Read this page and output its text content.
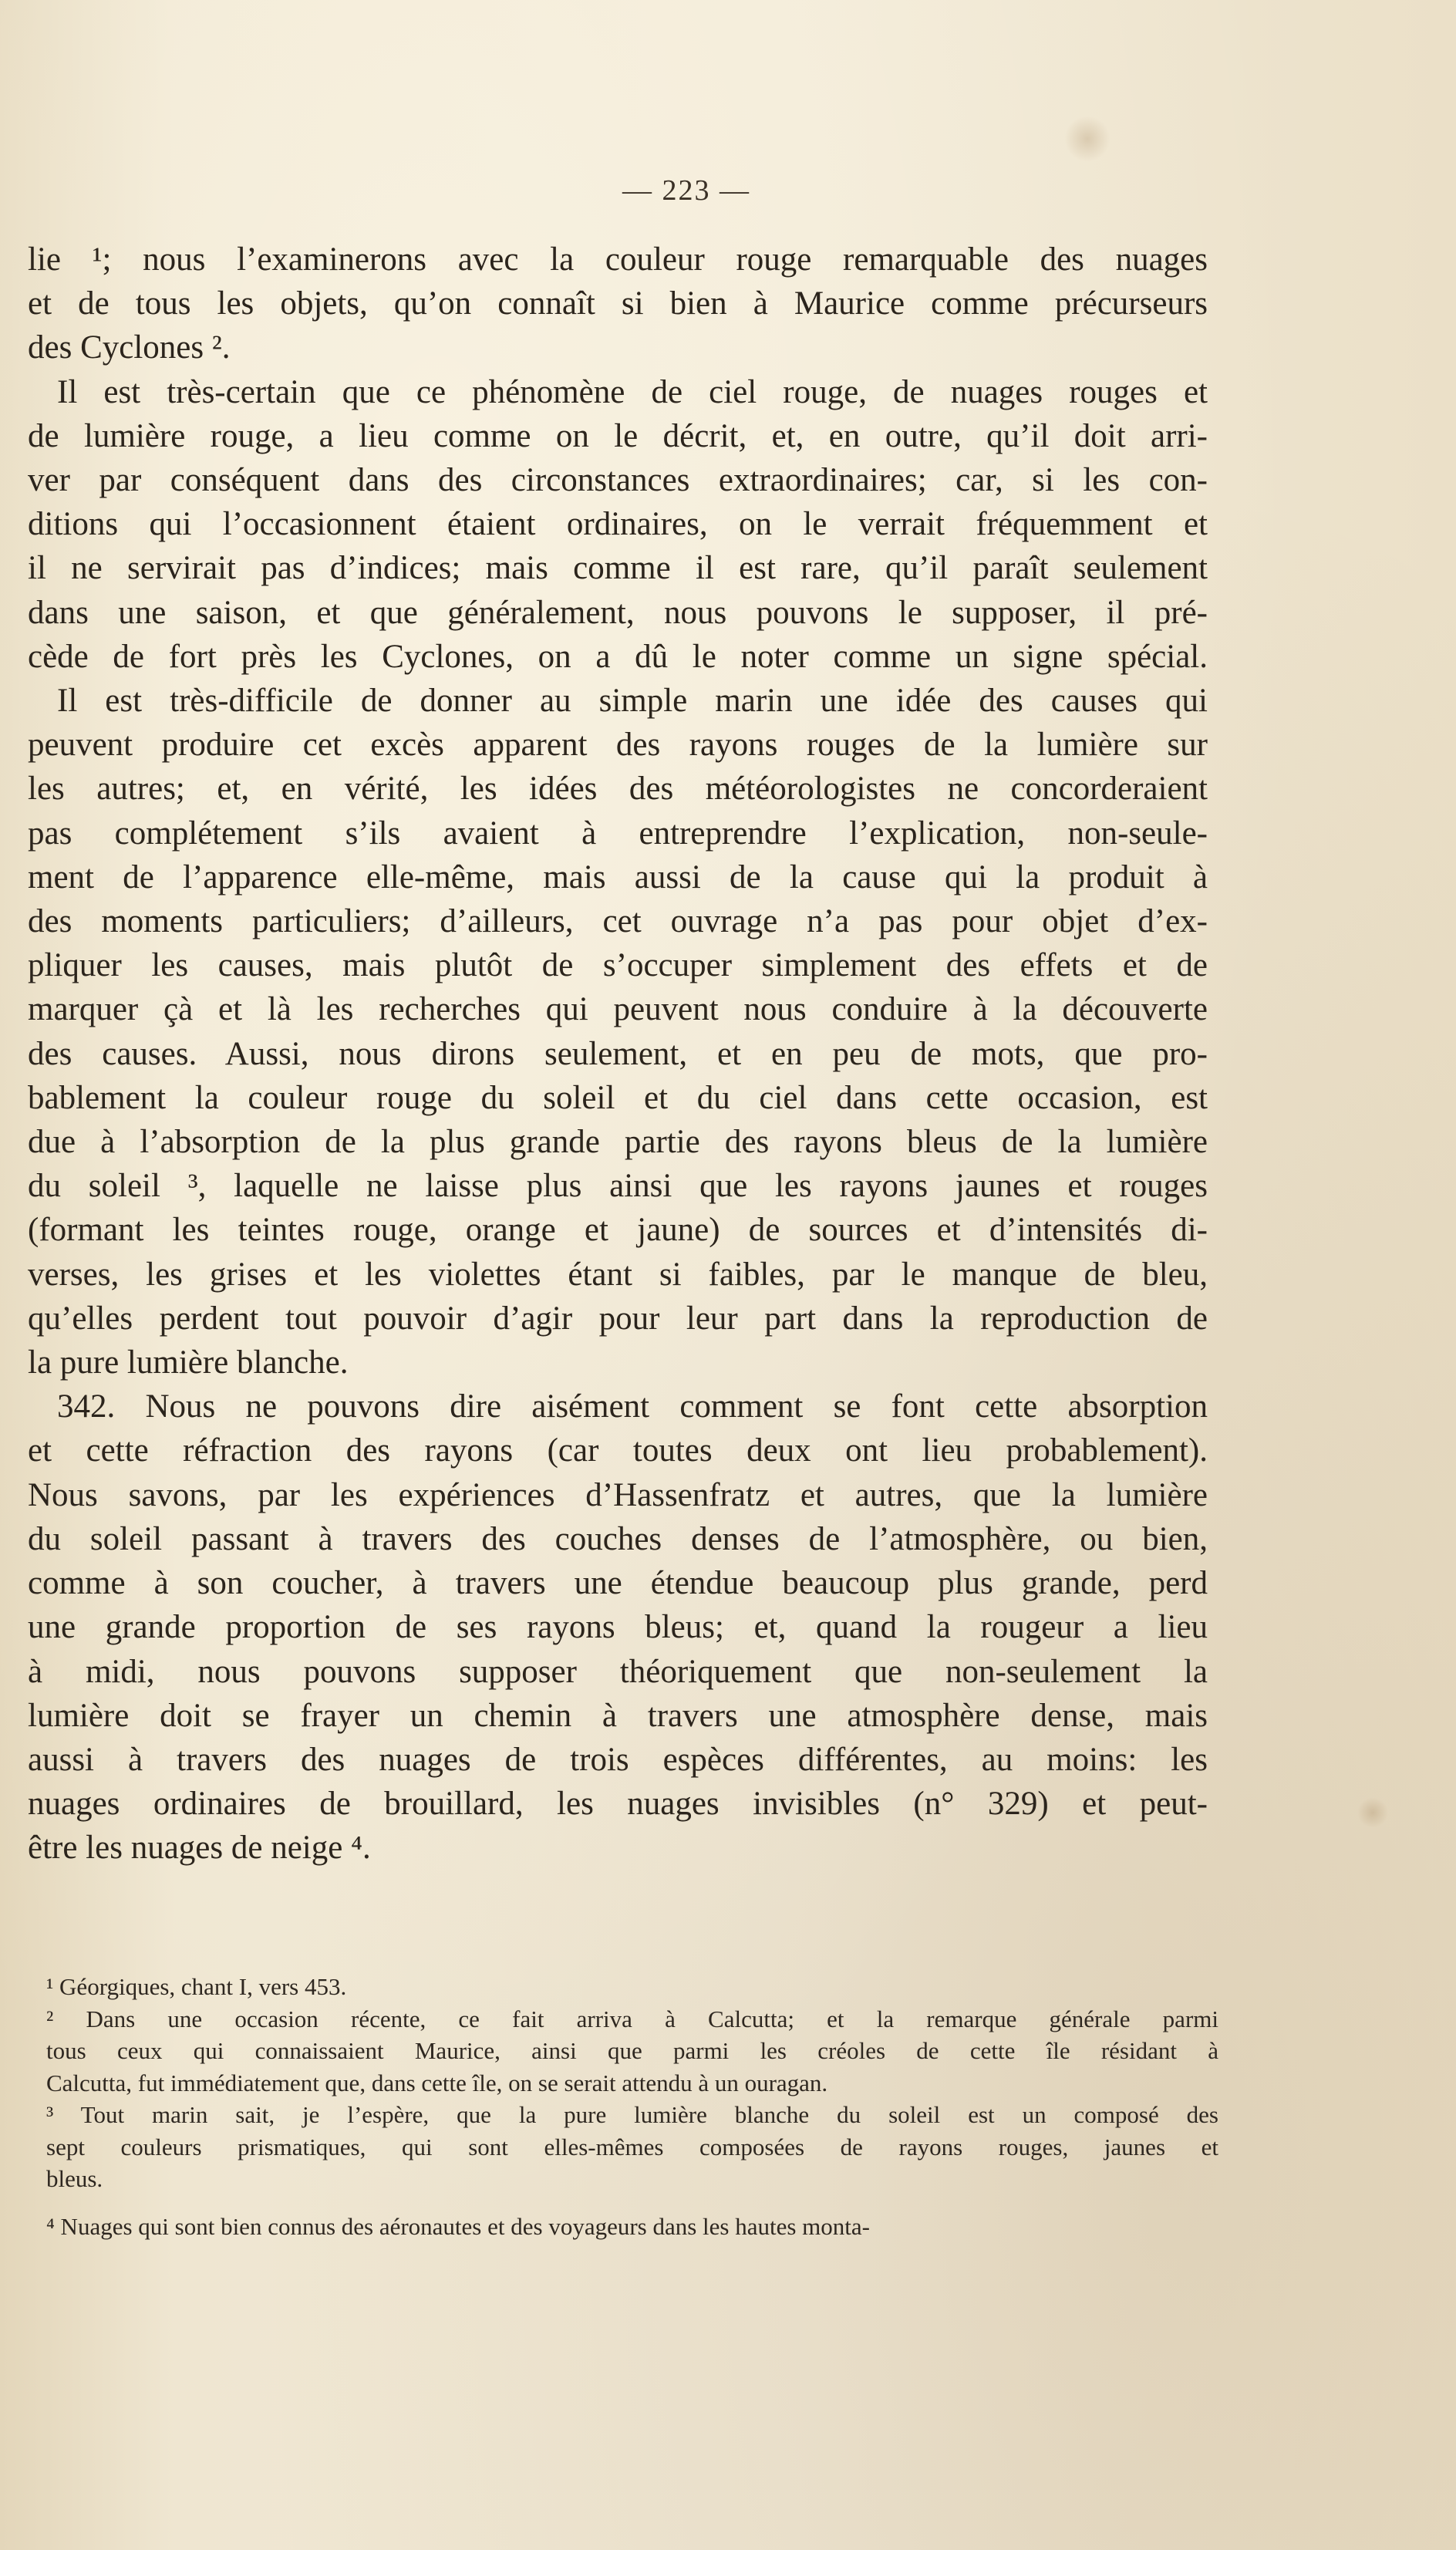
— 223 —
lie ¹; nous l’examinerons avec la couleur rouge remarquable des nuages
et de tous les objets, qu’on connaît si bien à Maurice comme précurseurs
des Cyclones ².
Il est très-certain que ce phénomène de ciel rouge, de nuages rouges et
de lumière rouge, a lieu comme on le décrit, et, en outre, qu’il doit arri-
ver par conséquent dans des circonstances extraordinaires; car, si les con-
ditions qui l’occasionnent étaient ordinaires, on le verrait fréquemment et
il ne servirait pas d’indices; mais comme il est rare, qu’il paraît seulement
dans une saison, et que généralement, nous pouvons le supposer, il pré-
cède de fort près les Cyclones, on a dû le noter comme un signe spécial.
Il est très-difficile de donner au simple marin une idée des causes qui
peuvent produire cet excès apparent des rayons rouges de la lumière sur
les autres; et, en vérité, les idées des météorologistes ne concorderaient
pas complétement s’ils avaient à entreprendre l’explication, non-seule-
ment de l’apparence elle-même, mais aussi de la cause qui la produit à
des moments particuliers; d’ailleurs, cet ouvrage n’a pas pour objet d’ex-
pliquer les causes, mais plutôt de s’occuper simplement des effets et de
marquer çà et là les recherches qui peuvent nous conduire à la découverte
des causes. Aussi, nous dirons seulement, et en peu de mots, que pro-
bablement la couleur rouge du soleil et du ciel dans cette occasion, est
due à l’absorption de la plus grande partie des rayons bleus de la lumière
du soleil ³, laquelle ne laisse plus ainsi que les rayons jaunes et rouges
(formant les teintes rouge, orange et jaune) de sources et d’intensités di-
verses, les grises et les violettes étant si faibles, par le manque de bleu,
qu’elles perdent tout pouvoir d’agir pour leur part dans la reproduction de
la pure lumière blanche.
342. Nous ne pouvons dire aisément comment se font cette absorption
et cette réfraction des rayons (car toutes deux ont lieu probablement).
Nous savons, par les expériences d’Hassenfratz et autres, que la lumière
du soleil passant à travers des couches denses de l’atmosphère, ou bien,
comme à son coucher, à travers une étendue beaucoup plus grande, perd
une grande proportion de ses rayons bleus; et, quand la rougeur a lieu
à midi, nous pouvons supposer théoriquement que non-seulement la
lumière doit se frayer un chemin à travers une atmosphère dense, mais
aussi à travers des nuages de trois espèces différentes, au moins: les
nuages ordinaires de brouillard, les nuages invisibles (n° 329) et peut-
être les nuages de neige ⁴.
¹ Géorgiques, chant I, vers 453.
² Dans une occasion récente, ce fait arriva à Calcutta; et la remarque générale parmi
tous ceux qui connaissaient Maurice, ainsi que parmi les créoles de cette île résidant à
Calcutta, fut immédiatement que, dans cette île, on se serait attendu à un ouragan.
³ Tout marin sait, je l’espère, que la pure lumière blanche du soleil est un composé des
sept couleurs prismatiques, qui sont elles-mêmes composées de rayons rouges, jaunes et
bleus.
⁴ Nuages qui sont bien connus des aéronautes et des voyageurs dans les hautes monta-
